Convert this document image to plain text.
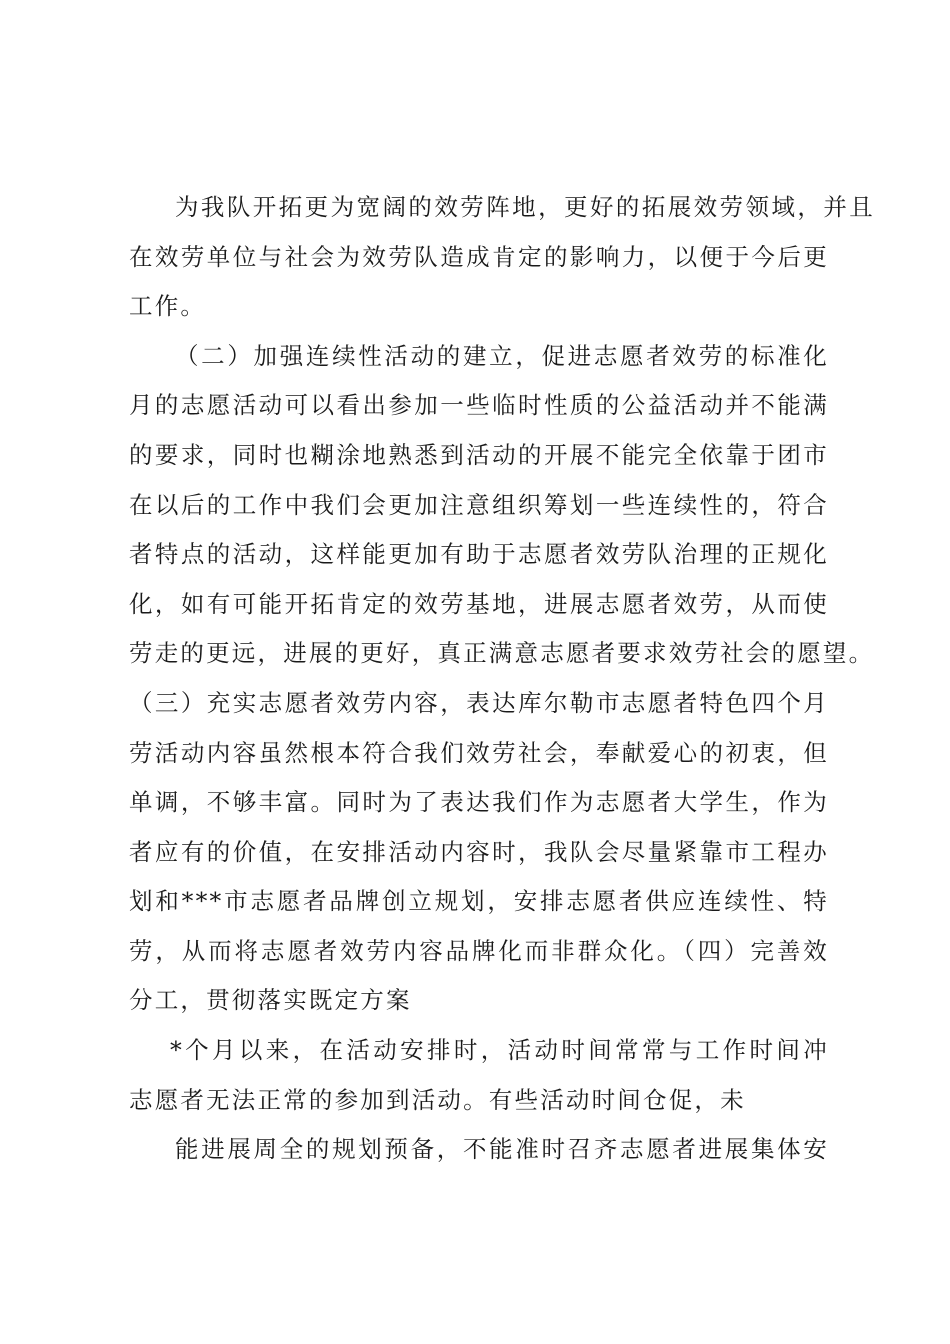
为我队开拓更为宽阔的效劳阵地，更好的拓展效劳领域，并且
在效劳单位与社会为效劳队造成肯定的影响力，以便于今后更
工作。
（二）加强连续性活动的建立，促进志愿者效劳的标准化
月的志愿活动可以看出参加一些临时性质的公益活动并不能满
的要求，同时也糊涂地熟悉到活动的开展不能完全依靠于团市
在以后的工作中我们会更加注意组织筹划一些连续性的，符合
者特点的活动，这样能更加有助于志愿者效劳队治理的正规化
化，如有可能开拓肯定的效劳基地，进展志愿者效劳，从而使
劳走的更远，进展的更好，真正满意志愿者要求效劳社会的愿望。
（三）充实志愿者效劳内容，表达库尔勒市志愿者特色四个月
劳活动内容虽然根本符合我们效劳社会，奉献爱心的初衷，但
单调，不够丰富。同时为了表达我们作为志愿者大学生，作为
者应有的价值，在安排活动内容时，我队会尽量紧靠市工程办
划和***市志愿者品牌创立规划，安排志愿者供应连续性、特
劳，从而将志愿者效劳内容品牌化而非群众化。（四）完善效
分工，贯彻落实既定方案
*个月以来，在活动安排时，活动时间常常与工作时间冲
志愿者无法正常的参加到活动。有些活动时间仓促，未
能进展周全的规划预备，不能准时召齐志愿者进展集体安
